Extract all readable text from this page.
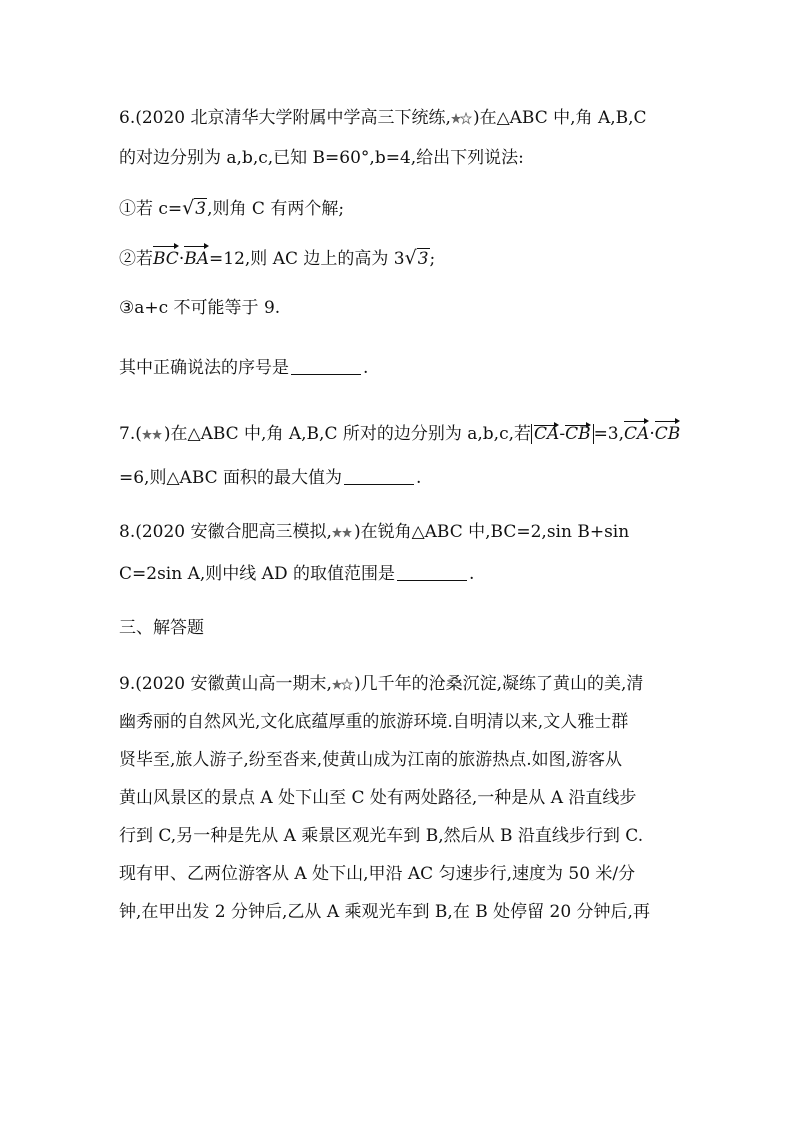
6.(2020 北京清华大学附属中学高三下统练, )在△ABC 中,角 A,B,C
的对边分别为 a,b,c,已知 B=60°,b=4,给出下列说法:
①若 c=√3,则角 C 有两个解;
②若BC·BA=12,则 AC 边上的高为 3√3;
③a+c 不可能等于 9.
其中正确说法的序号是	.
7.( )在△ABC 中,角 A,B,C 所对的边分别为 a,b,c,若 CA-CB =3,CA·CB
=6,则△ABC 面积的最大值为	.
8.(2020 安徽合肥高三模拟, )在锐角△ABC 中,BC=2,sin B+sin
C=2sin A,则中线 AD 的取值范围是	.
三、解答题
9.(2020 安徽黄山高一期末, )几千年的沧桑沉淀,凝练了黄山的美,清
幽秀丽的自然风光,文化底蕴厚重的旅游环境.自明清以来,文人雅士群
贤毕至,旅人游子,纷至沓来,使黄山成为江南的旅游热点.如图,游客从
黄山风景区的景点 A 处下山至 C 处有两处路径,一种是从 A 沿直线步
行到 C,另一种是先从 A 乘景区观光车到 B,然后从 B 沿直线步行到 C.
现有甲、乙两位游客从 A 处下山,甲沿 AC 匀速步行,速度为 50 米/分
钟,在甲出发 2 分钟后,乙从 A 乘观光车到 B,在 B 处停留 20 分钟后,再
